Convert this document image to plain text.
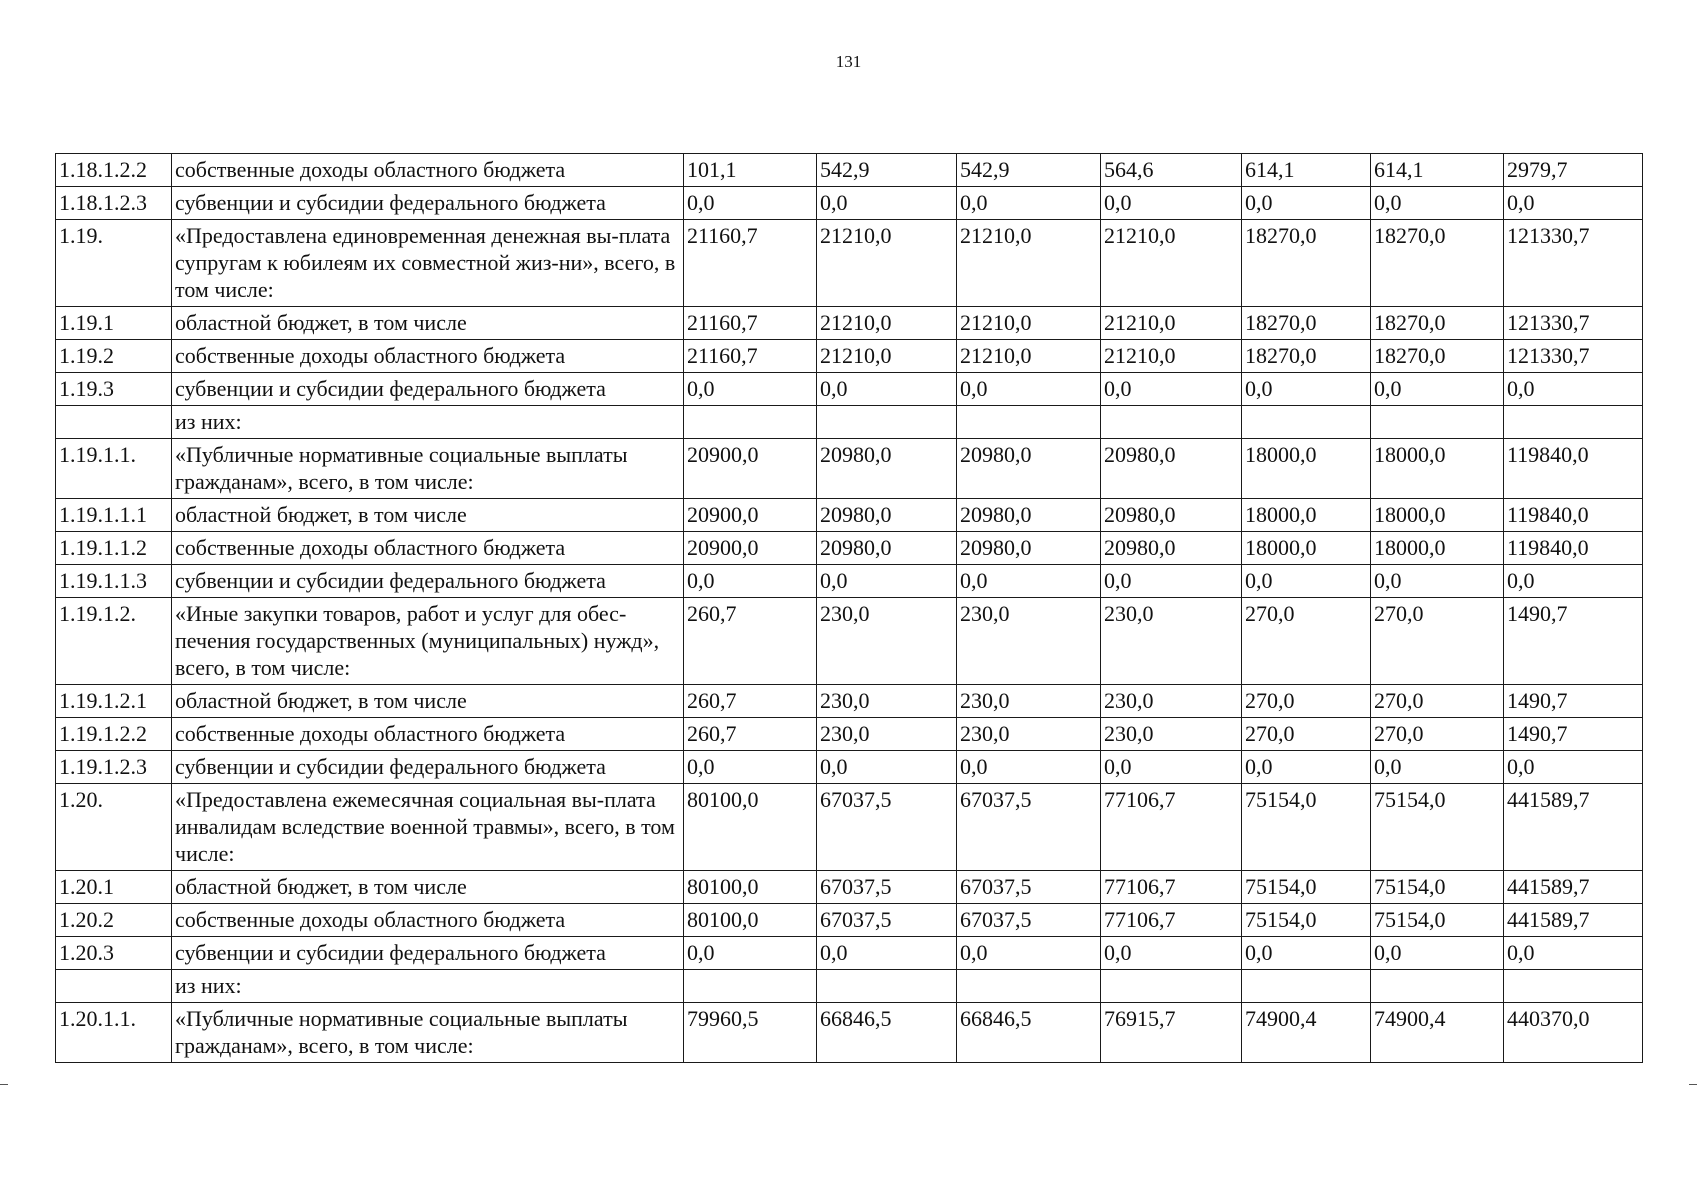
131
1.18.1.2.2	собственные доходы областного бюджета	101,1	542,9	542,9	564,6	614,1	614,1	2979,7
1.18.1.2.3	субвенции и субсидии федерального бюджета	0,0	0,0	0,0	0,0	0,0	0,0	0,0
1.19.	«Предоставлена единовременная денежная вы-плата супругам к юбилеям их совместной жиз-ни», всего, в том числе:	21160,7	21210,0	21210,0	21210,0	18270,0	18270,0	121330,7
1.19.1	областной бюджет, в том числе	21160,7	21210,0	21210,0	21210,0	18270,0	18270,0	121330,7
1.19.2	собственные доходы областного бюджета	21160,7	21210,0	21210,0	21210,0	18270,0	18270,0	121330,7
1.19.3	субвенции и субсидии федерального бюджета	0,0	0,0	0,0	0,0	0,0	0,0	0,0
	из них:							
1.19.1.1.	«Публичные нормативные социальные выплаты гражданам», всего, в том числе:	20900,0	20980,0	20980,0	20980,0	18000,0	18000,0	119840,0
1.19.1.1.1	областной бюджет, в том числе	20900,0	20980,0	20980,0	20980,0	18000,0	18000,0	119840,0
1.19.1.1.2	собственные доходы областного бюджета	20900,0	20980,0	20980,0	20980,0	18000,0	18000,0	119840,0
1.19.1.1.3	субвенции и субсидии федерального бюджета	0,0	0,0	0,0	0,0	0,0	0,0	0,0
1.19.1.2.	«Иные закупки товаров, работ и услуг для обес-печения государственных (муниципальных) нужд», всего, в том числе:	260,7	230,0	230,0	230,0	270,0	270,0	1490,7
1.19.1.2.1	областной бюджет, в том числе	260,7	230,0	230,0	230,0	270,0	270,0	1490,7
1.19.1.2.2	собственные доходы областного бюджета	260,7	230,0	230,0	230,0	270,0	270,0	1490,7
1.19.1.2.3	субвенции и субсидии федерального бюджета	0,0	0,0	0,0	0,0	0,0	0,0	0,0
1.20.	«Предоставлена ежемесячная социальная вы-плата инвалидам вследствие военной травмы», всего, в том числе:	80100,0	67037,5	67037,5	77106,7	75154,0	75154,0	441589,7
1.20.1	областной бюджет, в том числе	80100,0	67037,5	67037,5	77106,7	75154,0	75154,0	441589,7
1.20.2	собственные доходы областного бюджета	80100,0	67037,5	67037,5	77106,7	75154,0	75154,0	441589,7
1.20.3	субвенции и субсидии федерального бюджета	0,0	0,0	0,0	0,0	0,0	0,0	0,0
	из них:							
1.20.1.1.	«Публичные нормативные социальные выплаты гражданам», всего, в том числе:	79960,5	66846,5	66846,5	76915,7	74900,4	74900,4	440370,0
